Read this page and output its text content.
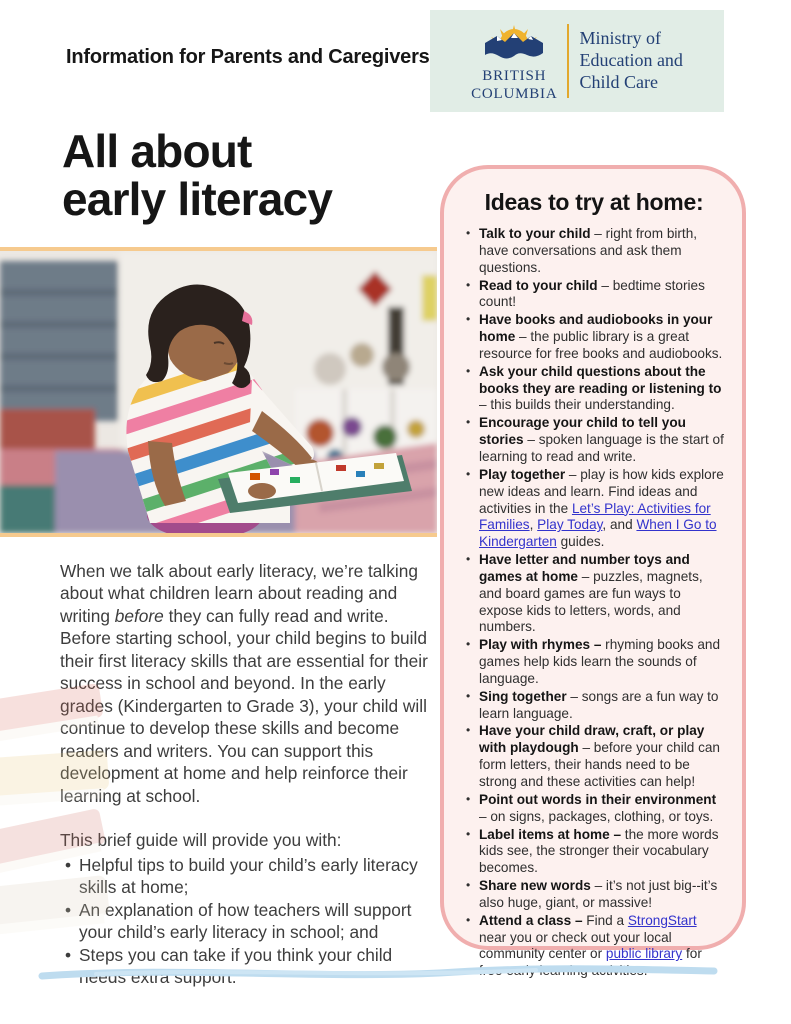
Information for Parents and Caregivers
BRITISH
COLUMBIA
Ministry of
Education and
Child Care
All about
early literacy

When we talk about early literacy, we’re talking about what children learn about reading and writing before they can fully read and write. Before starting school, your child begins to build their first literacy skills that are essential for their success in school and beyond. In the early grades (Kindergarten to Grade 3), your child will continue to develop these skills and become readers and writers. You can support this development at home and help reinforce their learning at school.

This brief guide will provide you with:

• Helpful tips to build your child’s early literacy skills at home;
• An explanation of how teachers will support your child’s early literacy in school; and
• Steps you can take if you think your child needs extra support.
Ideas to try at home:
• Talk to your child – right from birth, have conversations and ask them questions.
• Read to your child – bedtime stories count!
• Have books and audiobooks in your home – the public library is a great resource for free books and audiobooks.
• Ask your child questions about the books they are reading or listening to – this builds their understanding.
• Encourage your child to tell you stories – spoken language is the start of learning to read and write.
• Play together – play is how kids explore new ideas and learn. Find ideas and activities in the Let’s Play: Activities for Families, Play Today, and When I Go to Kindergarten guides.
• Have letter and number toys and games at home – puzzles, magnets, and board games are fun ways to expose kids to letters, words, and numbers.
• Play with rhymes – rhyming books and games help kids learn the sounds of language.
• Sing together – songs are a fun way to learn language.
• Have your child draw, craft, or play with playdough – before your child can form letters, their hands need to be strong and these activities can help!
• Point out words in their environment – on signs, packages, clothing, or toys.
• Label items at home – the more words kids see, the stronger their vocabulary becomes.
• Share new words – it’s not just big--it’s also huge, giant, or massive!
• Attend a class – Find a StrongStart near you or check out your local community center or public library for free early learning activities.
